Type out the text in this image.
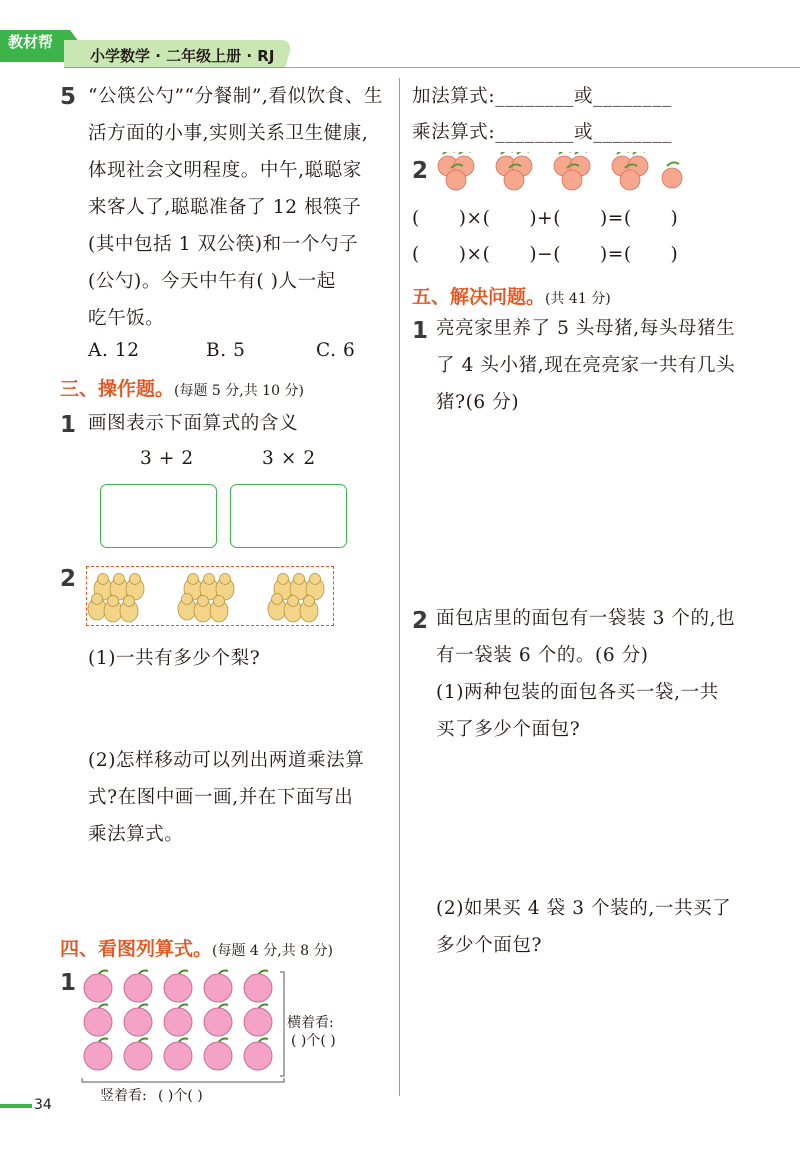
教材帮
小学数学 · 二年级上册 · RJ
5 “公筷公勺”“分餐制”,看似饮食、生
活方面的小事,实则关系卫生健康,
体现社会文明程度。中午,聪聪家
来客人了,聪聪准备了 12 根筷子
(其中包括 1 双公筷)和一个勺子
(公勺)。今天中午有( )人一起
吃午饭。
A. 12	B. 5	C. 6
三、操作题。(每题 5 分,共 10 分)
1 画图表示下面算式的含义
3 + 2	3 × 2
2
(1)一共有多少个梨?
(2)怎样移动可以列出两道乘法算
式?在图中画一画,并在下面写出
乘法算式。
四、看图列算式。(每题 4 分,共 8 分)
1
横着看:
( )个( )
竖着看: ( )个( )
34
加法算式:________或________
乘法算式:________或________
2
(      )×(      )+(      )=(      )
(      )×(      )−(      )=(      )
五、解决问题。(共 41 分)
1 亮亮家里养了 5 头母猪,每头母猪生
了 4 头小猪,现在亮亮家一共有几头
猪?(6 分)
2 面包店里的面包有一袋装 3 个的,也
有一袋装 6 个的。(6 分)
(1)两种包装的面包各买一袋,一共
买了多少个面包?
(2)如果买 4 袋 3 个装的,一共买了
多少个面包?
